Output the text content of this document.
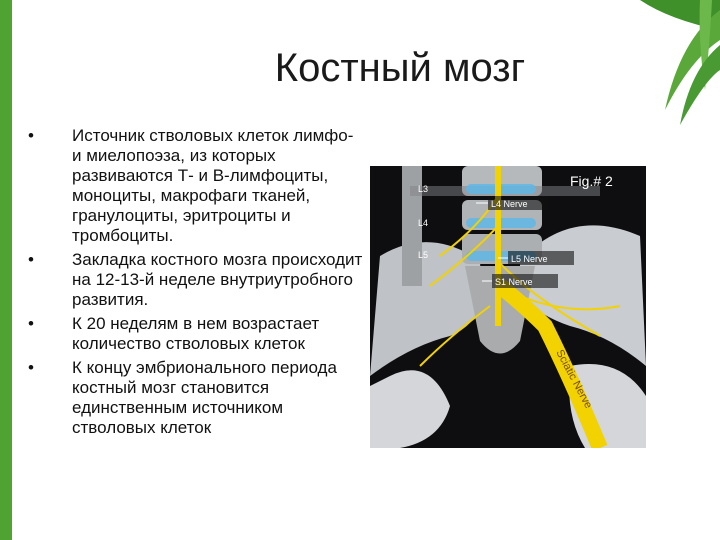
Костный мозг
• Источник стволовых клеток лимфо- и миелопоэза, из которых развиваются Т- и В-лимфоциты, моноциты, макрофаги тканей, гранулоциты, эритроциты и тромбоциты.
• Закладка костного мозга происходит на 12-13-й неделе внутриутробного развития.
• К 20 неделям в нем возрастает количество стволовых клеток
• К концу эмбрионального периода костный мозг становится единственным источником стволовых клеток
Fig.# 2
L3
L4
L5
L4 Nerve
L5 Nerve
S1 Nerve
Sciatic Nerve
